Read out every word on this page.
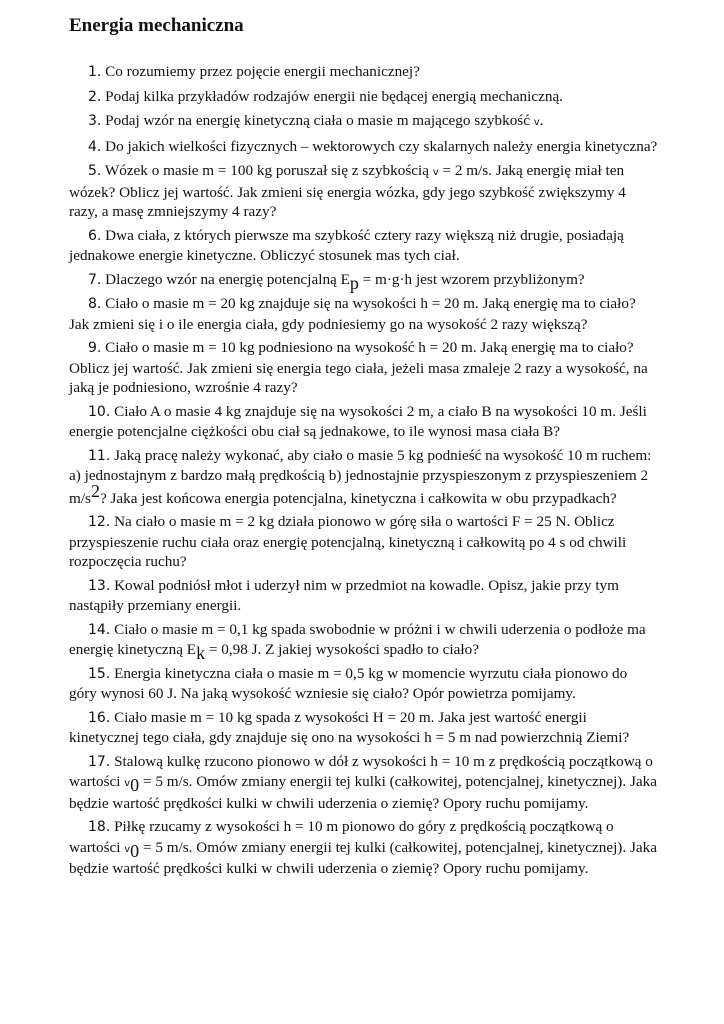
Energia mechaniczna

1. Co rozumiemy przez pojęcie energii mechanicznej?

2. Podaj kilka przykładów rodzajów energii nie będącej energią mechaniczną.

3. Podaj wzór na energię kinetyczną ciała o masie m mającego szybkość v.

4. Do jakich wielkości fizycznych – wektorowych czy skalarnych należy energia kinetyczna?

5. Wózek o masie m = 100 kg poruszał się z szybkością v = 2 m/s. Jaką energię miał ten wózek? Oblicz jej wartość. Jak zmieni się energia wózka, gdy jego szybkość zwiększymy 4 razy, a masę zmniejszymy 4 razy?

6. Dwa ciała, z których pierwsze ma szybkość cztery razy większą niż drugie, posiadają jednakowe energie kinetyczne. Obliczyć stosunek mas tych ciał.

7. Dlaczego wzór na energię potencjalną Ep = m·g·h jest wzorem przybliżonym?

8. Ciało o masie m = 20 kg znajduje się na wysokości h = 20 m. Jaką energię ma to ciało? Jak zmieni się i o ile energia ciała, gdy podniesiemy go na wysokość 2 razy większą?

9. Ciało o masie m = 10 kg podniesiono na wysokość h = 20 m. Jaką energię ma to ciało? Oblicz jej wartość. Jak zmieni się energia tego ciała, jeżeli masa zmaleje 2 razy a wysokość, na jaką je podniesiono, wzrośnie 4 razy?

10. Ciało A o masie 4 kg znajduje się na wysokości 2 m, a ciało B na wysokości 10 m. Jeśli energie potencjalne ciężkości obu ciał są jednakowe, to ile wynosi masa ciała B?

11. Jaką pracę należy wykonać, aby ciało o masie 5 kg podnieść na wysokość 10 m ruchem: a) jednostajnym z bardzo małą prędkością b) jednostajnie przyspieszonym z przyspieszeniem 2 m/s2? Jaka jest końcowa energia potencjalna, kinetyczna i całkowita w obu przypadkach?

12. Na ciało o masie m = 2 kg działa pionowo w górę siła o wartości F = 25 N. Oblicz przyspieszenie ruchu ciała oraz energię potencjalną, kinetyczną i całkowitą po 4 s od chwili rozpoczęcia ruchu?

13. Kowal podniósł młot i uderzył nim w przedmiot na kowadle. Opisz, jakie przy tym nastąpiły przemiany energii.

14. Ciało o masie m = 0,1 kg spada swobodnie w próżni i w chwili uderzenia o podłoże ma energię kinetyczną Ek = 0,98 J. Z jakiej wysokości spadło to ciało?

15. Energia kinetyczna ciała o masie m = 0,5 kg w momencie wyrzutu ciała pionowo do góry wynosi 60 J. Na jaką wysokość wzniesie się ciało? Opór powietrza pomijamy.

16. Ciało masie m = 10 kg spada z wysokości H = 20 m. Jaka jest wartość energii kinetycznej tego ciała, gdy znajduje się ono na wysokości h = 5 m nad powierzchnią Ziemi?

17. Stalową kulkę rzucono pionowo w dół z wysokości h = 10 m z prędkością początkową o wartości v0 = 5 m/s. Omów zmiany energii tej kulki (całkowitej, potencjalnej, kinetycznej). Jaka będzie wartość prędkości kulki w chwili uderzenia o ziemię? Opory ruchu pomijamy.

18. Piłkę rzucamy z wysokości h = 10 m pionowo do góry z prędkością początkową o wartości v0 = 5 m/s. Omów zmiany energii tej kulki (całkowitej, potencjalnej, kinetycznej). Jaka będzie wartość prędkości kulki w chwili uderzenia o ziemię? Opory ruchu pomijamy.
